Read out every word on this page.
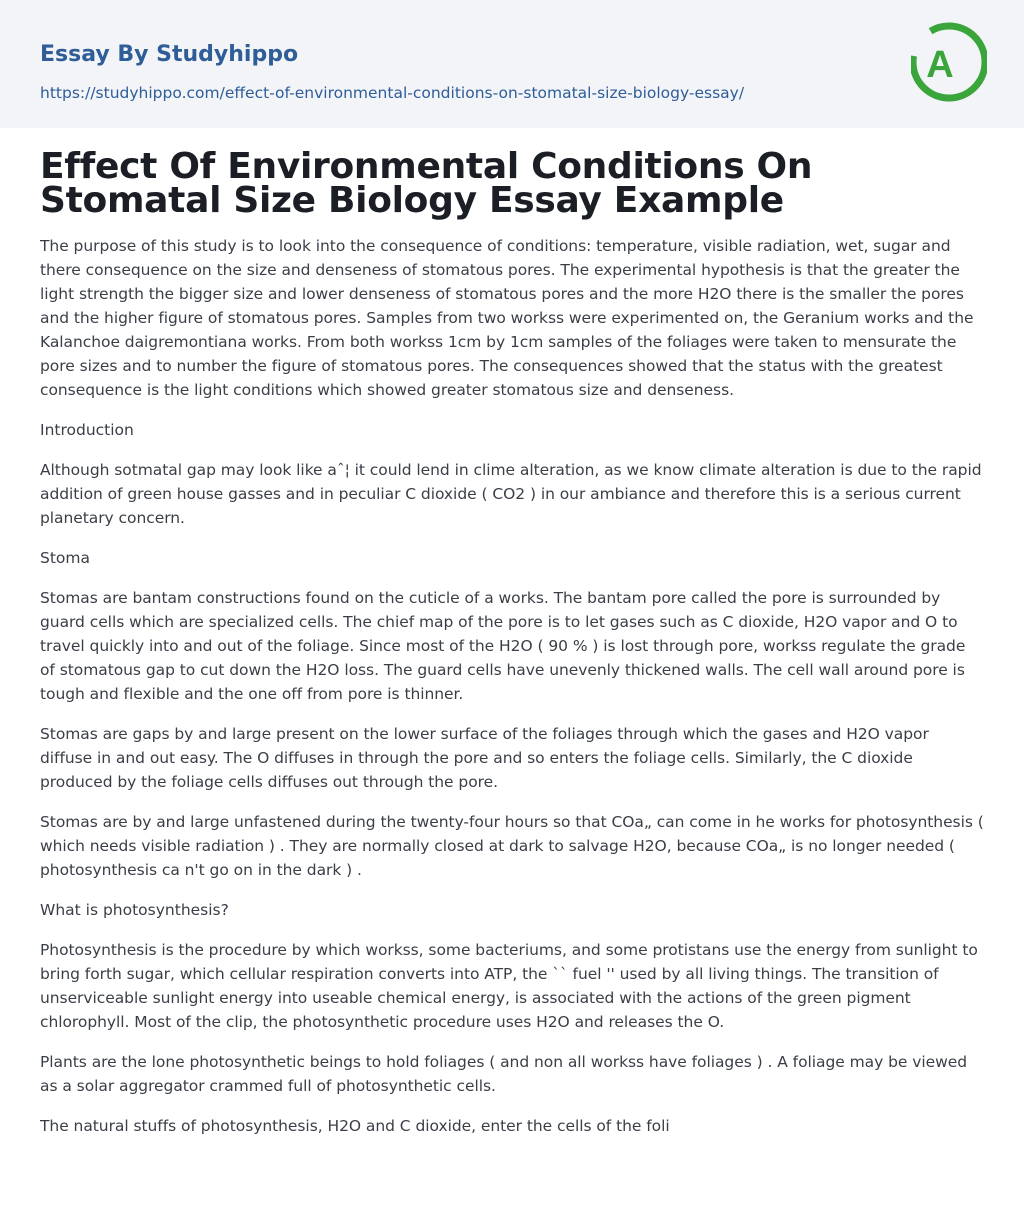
Essay By Studyhippo
https://studyhippo.com/effect-of-environmental-conditions-on-stomatal-size-biology-essay/
A
Effect Of Environmental Conditions On Stomatal Size Biology Essay Example

The purpose of this study is to look into the consequence of conditions: temperature, visible radiation, wet, sugar and there consequence on the size and denseness of stomatous pores. The experimental hypothesis is that the greater the light strength the bigger size and lower denseness of stomatous pores and the more H2O there is the smaller the pores and the higher figure of stomatous pores. Samples from two workss were experimented on, the Geranium works and the Kalanchoe daigremontiana works. From both workss 1cm by 1cm samples of the foliages were taken to mensurate the pore sizes and to number the figure of stomatous pores. The consequences showed that the status with the greatest consequence is the light conditions which showed greater stomatous size and denseness.

Introduction

Although sotmatal gap may look like aˆ¦ it could lend in clime alteration, as we know climate alteration is due to the rapid addition of green house gasses and in peculiar C dioxide ( CO2 ) in our ambiance and therefore this is a serious current planetary concern.

Stoma

Stomas are bantam constructions found on the cuticle of a works. The bantam pore called the pore is surrounded by guard cells which are specialized cells. The chief map of the pore is to let gases such as C dioxide, H2O vapor and O to travel quickly into and out of the foliage. Since most of the H2O ( 90 % ) is lost through pore, workss regulate the grade of stomatous gap to cut down the H2O loss. The guard cells have unevenly thickened walls. The cell wall around pore is tough and flexible and the one off from pore is thinner.

Stomas are gaps by and large present on the lower surface of the foliages through which the gases and H2O vapor diffuse in and out easy. The O diffuses in through the pore and so enters the foliage cells. Similarly, the C dioxide produced by the foliage cells diffuses out through the pore.

Stomas are by and large unfastened during the twenty-four hours so that COa„ can come in he works for photosynthesis ( which needs visible radiation ) . They are normally closed at dark to salvage H2O, because COa„ is no longer needed ( photosynthesis ca n't go on in the dark ) .

What is photosynthesis?

Photosynthesis is the procedure by which workss, some bacteriums, and some protistans use the energy from sunlight to bring forth sugar, which cellular respiration converts into ATP, the `` fuel '' used by all living things. The transition of unserviceable sunlight energy into useable chemical energy, is associated with the actions of the green pigment chlorophyll. Most of the clip, the photosynthetic procedure uses H2O and releases the O.

Plants are the lone photosynthetic beings to hold foliages ( and non all workss have foliages ) . A foliage may be viewed as a solar aggregator crammed full of photosynthetic cells.

The natural stuffs of photosynthesis, H2O and C dioxide, enter the cells of the foli
